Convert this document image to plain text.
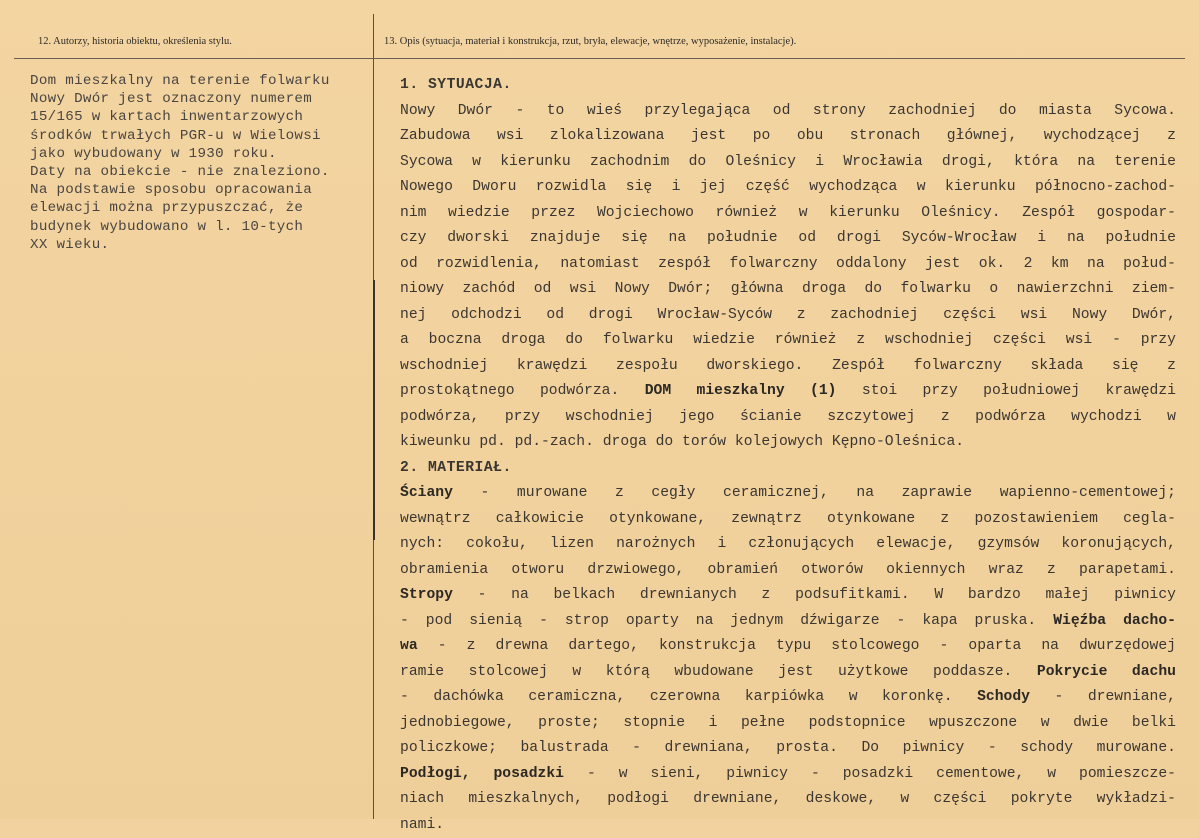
12. Autorzy, historia obiektu, określenia stylu.	13. Opis (sytuacja, materiał i konstrukcja, rzut, bryła, elewacje, wnętrze, wyposażenie, instalacje).
Dom mieszkalny na terenie folwarku
Nowy Dwór jest oznaczony numerem
15/165 w kartach inwentarzowych
środków trwałych PGR-u w Wielowsi
jako wybudowany w 1930 roku.
Daty na obiekcie - nie znaleziono.
Na podstawie sposobu opracowania
elewacji można przypuszczać, że
budynek wybudowano w l. 10-tych
XX wieku.
1. SYTUACJA.
Nowy Dwór - to wieś przylegająca od strony zachodniej do miasta Sycowa.
Zabudowa wsi zlokalizowana jest po obu stronach głównej, wychodzącej z
Sycowa w kierunku zachodnim do Oleśnicy i Wrocławia drogi, która na terenie
Nowego Dworu rozwidla się i jej część wychodząca w kierunku północno-zachod-
nim wiedzie przez Wojciechowo również w kierunku Oleśnicy. Zespół gospodar-
czy dworski znajduje się na południe od drogi Syców-Wrocław i na południe
od rozwidlenia, natomiast zespół folwarczny oddalony jest ok. 2 km na połud-
niowy zachód od wsi Nowy Dwór; główna droga do folwarku o nawierzchni ziem-
nej odchodzi od drogi Wrocław-Syców z zachodniej części wsi Nowy Dwór,
a boczna droga do folwarku wiedzie również z wschodniej części wsi - przy
wschodniej krawędzi zespołu dworskiego. Zespół folwarczny składa się z
prostokątnego podwórza. DOM mieszkalny (1) stoi przy południowej krawędzi
podwórza, przy wschodniej jego ścianie szczytowej z podwórza wychodzi w
kiweunku pd. pd.-zach. droga do torów kolejowych Kępno-Oleśnica.
2. MATERIAŁ.
Ściany - murowane z cegły ceramicznej, na zaprawie wapienno-cementowej;
wewnątrz całkowicie otynkowane, zewnątrz otynkowane z pozostawieniem cegla-
nych: cokołu, lizen narożnych i członujących elewacje, gzymsów koronujących,
obramienia otworu drzwiowego, obramień otworów okiennych wraz z parapetami.
Stropy - na belkach drewnianych z podsufitkami. W bardzo małej piwnicy
- pod sienią - strop oparty na jednym dźwigarze - kapa pruska. Więźba dacho-
wa - z drewna dartego, konstrukcja typu stolcowego - oparta na dwurzędowej
ramie stolcowej w którą wbudowane jest użytkowe poddasze. Pokrycie dachu
- dachówka ceramiczna, czerowna karpiówka w koronkę. Schody - drewniane,
jednobiegowe, proste; stopnie i pełne podstopnice wpuszczone w dwie belki
policzkowe; balustrada - drewniana, prosta. Do piwnicy - schody murowane.
Podłogi, posadzki - w sieni, piwnicy - posadzki cementowe, w pomieszcze-
niach mieszkalnych, podłogi drewniane, deskowe, w części pokryte wykładzi-
nami.
